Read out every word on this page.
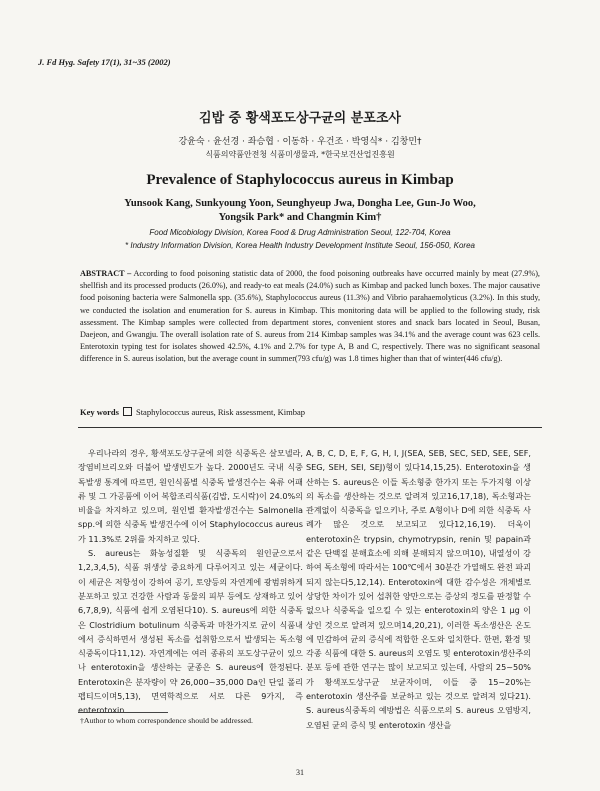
J. Fd Hyg. Safety 17(1), 31~35 (2002)
김밥 중 황색포도상구균의 분포조사
강윤숙 · 윤선경 · 좌승협 · 이동하 · 우건조 · 박영식* · 김창민†
식품의약품안전청 식품미생물과, *한국보건산업진흥원
Prevalence of Staphylococcus aureus in Kimbap
Yunsook Kang, Sunkyoung Yoon, Seunghyeup Jwa, Dongha Lee, Gun-Jo Woo,
Yongsik Park* and Changmin Kim†
Food Micobiology Division, Korea Food & Drug Administration Seoul, 122-704, Korea
* Industry Information Division, Korea Health Industry Development Institute Seoul, 156-050, Korea
ABSTRACT – According to food poisoning statistic data of 2000, the food poisoning outbreaks have occurred mainly by meat (27.9%), shellfish and its processed products (26.0%), and ready-to eat meals (24.0%) such as Kimbap and packed lunch boxes. The major causative food poisoning bacteria were Salmonella spp. (35.6%), Staphylococcus aureus (11.3%) and Vibrio parahaemolyticus (3.2%). In this study, we conducted the isolation and enumeration for S. aureus in Kimbap. This monitoring data will be applied to the following study, risk assessment. The Kimbap samples were collected from department stores, convenient stores and snack bars located in Seoul, Busan, Daejeon, and Gwangju. The overall isolation rate of S. aureus from 214 Kimbap samples was 34.1% and the average count was 623 cells. Enterotoxin typing test for isolates showed 42.5%, 4.1% and 2.7% for type A, B and C, respectively. There was no significant seasonal difference in S. aureus isolation, but the average count in summer(793 cfu/g) was 1.8 times higher than that of winter(446 cfu/g).
Key words Staphylococcus aureus, Risk assessment, Kimbap

우리나라의 경우, 황색포도상구균에 의한 식중독은 살모넬라, 장염비브리오와 더불어 발생빈도가 높다. 2000년도 국내 식중독발생 통계에 따르면, 원인식품별 식중독 발생건수는 육류 어패류 및 그 가공품에 이어 복합조리식품(김밥, 도시락)이 24.0%의 비율을 차지하고 있으며, 원인별 환자발생건수는 Salmonella spp.에 의한 식중독 발생건수에 이어 Staphylococcus aureus가 11.3%로 2위를 차지하고 있다.

S. aureus는 화농성질환 및 식중독의 원인균으로서1,2,3,4,5), 식품 위생상 중요하게 다루어지고 있는 세균이다. 이 세균은 저항성이 강하여 공기, 토양등의 자연계에 광범위하게 분포하고 있고 건강한 사람과 동물의 피부 등에도 상재하고 있어6,7,8,9), 식품에 쉽게 오염된다10). S. aureus에 의한 식중독은 Clostridium botulinum 식중독과 마찬가지로 균이 식품내에서 증식하면서 생성된 독소를 섭취함으로서 발생되는 독소형 식중독이다11,12). 자연계에는 여러 종류의 포도상구균이 있으나 enterotoxin을 생산하는 균종은 S. aureus에 한정된다. Enterotoxin은 분자량이 약 26,000~35,000 Da인 단일 폴리펩티드이며5,13), 면역학적으로 서로 다른 9가지, 즉 enterotoxin

A, B, C, D, E, F, G, H, I, J(SEA, SEB, SEC, SED, SEE, SEF, SEG, SEH, SEI, SEJ)형이 있다14,15,25). Enterotoxin을 생산하는 S. aureus은 이들 독소형중 한가지 또는 두가지형 이상의 독소를 생산하는 것으로 알려져 있고16,17,18), 독소형과는 관계없이 식중독을 일으키나, 주로 A형이나 D에 의한 식중독 사례가 많은 것으로 보고되고 있다12,16,19). 더욱이 enterotoxin은 trypsin, chymotrypsin, renin 및 papain과 같은 단백질 분해효소에 의해 분해되지 않으며10), 내열성이 강하여 독소형에 따라서는 100℃에서 30분간 가열해도 완전 파괴되지 않는다5,12,14). Enterotoxin에 대한 감수성은 개체별로 상당한 차이가 있어 섭취한 양만으로는 증상의 정도를 판정할 수 없으나 식중독을 일으킬 수 있는 enterotoxin의 양은 1 μg 이상인 것으로 알려져 있으며14,20,21), 이러한 독소생산은 온도에 민감하여 균의 증식에 적합한 온도와 일치한다. 한편, 환경 및 각종 식품에 대한 S. aureus의 오염도 및 enterotoxin생산주의 분포 등에 관한 연구는 많이 보고되고 있는데, 사람의 25~50%가 황색포도상구균 보균자이며, 이들 중 15~20%는 enterotoxin 생산주를 보균하고 있는 것으로 알려져 있다21). S. aureus식중독의 예방법은 식품으로의 S. aureus 오염방지, 오염된 균의 증식 및 enterotoxin 생산을

†Author to whom correspondence should be addressed.
31
